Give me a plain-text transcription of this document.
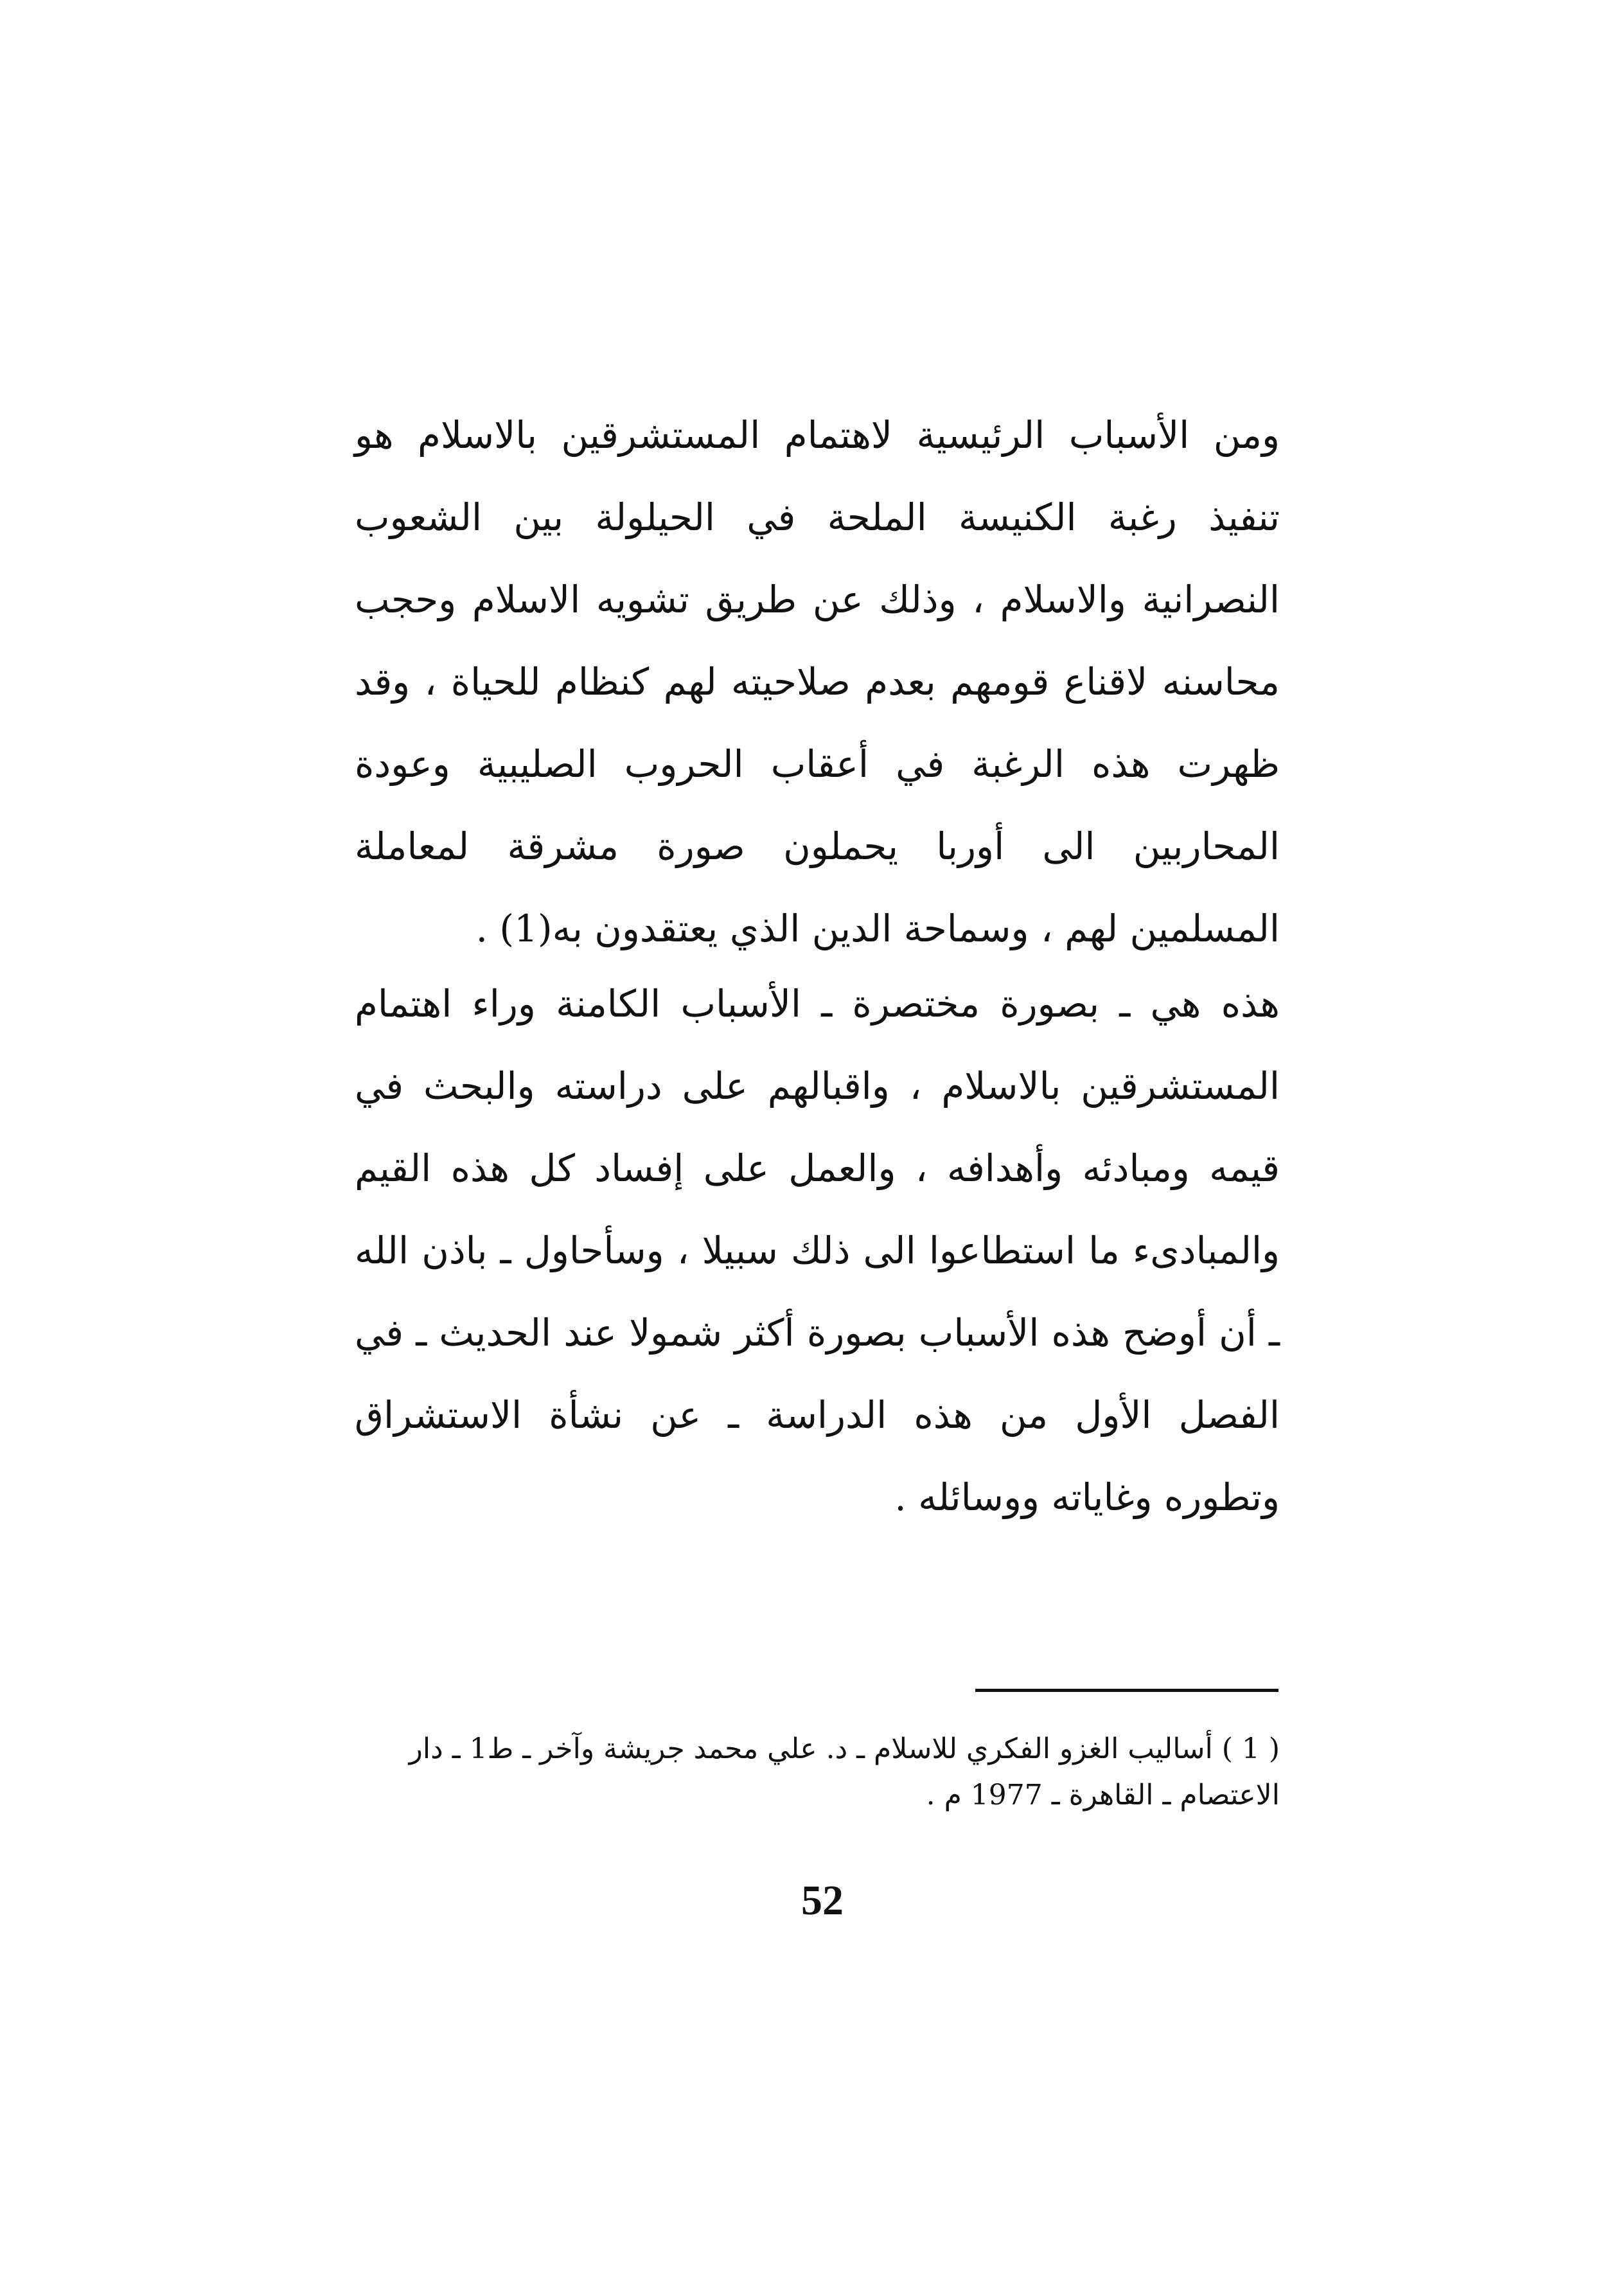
ومن الأسباب الرئيسية لاهتمام المستشرقين بالاسلام هو تنفيذ رغبة الكنيسة الملحة في الحيلولة بين الشعوب النصرانية والاسلام ، وذلك عن طريق تشويه الاسلام وحجب محاسنه لاقناع قومهم بعدم صلاحيته لهم كنظام للحياة ، وقد ظهرت هذه الرغبة في أعقاب الحروب الصليبية وعودة المحاربين الى أوربا يحملون صورة مشرقة لمعاملة المسلمين لهم ، وسماحة الدين الذي يعتقدون به(1) .

هذه هي ـ بصورة مختصرة ـ الأسباب الكامنة وراء اهتمام المستشرقين بالاسلام ، واقبالهم على دراسته والبحث في قيمه ومبادئه وأهدافه ، والعمل على إفساد كل هذه القيم والمبادىء ما استطاعوا الى ذلك سبيلا ، وسأحاول ـ باذن الله ـ أن أوضح هذه الأسباب بصورة أكثر شمولا عند الحديث ـ في الفصل الأول من هذه الدراسة ـ عن نشأة الاستشراق وتطوره وغاياته ووسائله .

( 1 ) أساليب الغزو الفكري للاسلام ـ د. علي محمد جريشة وآخر ـ ط1 ـ دار الاعتصام ـ القاهرة ـ 1977 م .

52
